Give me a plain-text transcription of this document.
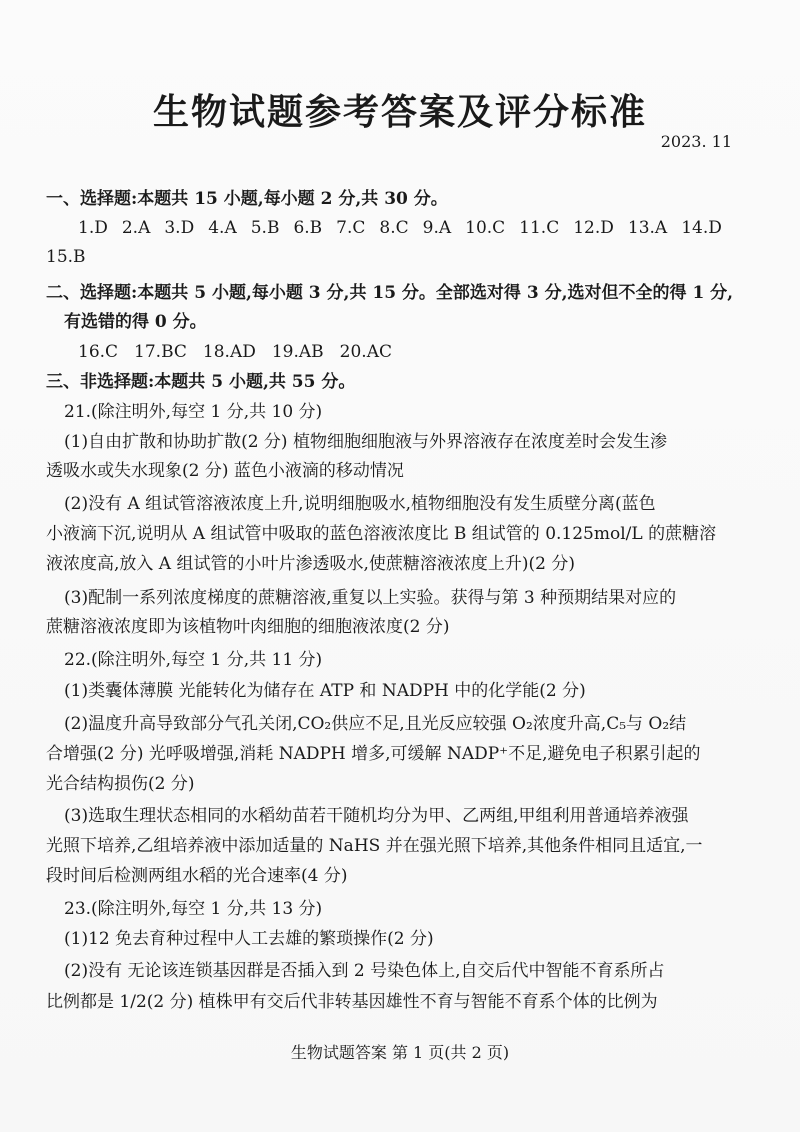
生物试题参考答案及评分标准
2023. 11
一、选择题:本题共 15 小题,每小题 2 分,共 30 分。
1.D 2.A 3.D 4.A 5.B 6.B 7.C 8.C 9.A 10.C 11.C 12.D 13.A 14.D
15.B
二、选择题:本题共 5 小题,每小题 3 分,共 15 分。全部选对得 3 分,选对但不全的得 1 分,
有选错的得 0 分。
16.C 17.BC 18.AD 19.AB 20.AC
三、非选择题:本题共 5 小题,共 55 分。
21.(除注明外,每空 1 分,共 10 分)
(1)自由扩散和协助扩散(2 分) 植物细胞细胞液与外界溶液存在浓度差时会发生渗
透吸水或失水现象(2 分) 蓝色小液滴的移动情况
(2)没有 A 组试管溶液浓度上升,说明细胞吸水,植物细胞没有发生质壁分离(蓝色
小液滴下沉,说明从 A 组试管中吸取的蓝色溶液浓度比 B 组试管的 0.125mol/L 的蔗糖溶
液浓度高,放入 A 组试管的小叶片渗透吸水,使蔗糖溶液浓度上升)(2 分)
(3)配制一系列浓度梯度的蔗糖溶液,重复以上实验。获得与第 3 种预期结果对应的
蔗糖溶液浓度即为该植物叶肉细胞的细胞液浓度(2 分)
22.(除注明外,每空 1 分,共 11 分)
(1)类囊体薄膜 光能转化为储存在 ATP 和 NADPH 中的化学能(2 分)
(2)温度升高导致部分气孔关闭,CO₂供应不足,且光反应较强 O₂浓度升高,C₅与 O₂结
合增强(2 分) 光呼吸增强,消耗 NADPH 增多,可缓解 NADP⁺不足,避免电子积累引起的
光合结构损伤(2 分)
(3)选取生理状态相同的水稻幼苗若干随机均分为甲、乙两组,甲组利用普通培养液强
光照下培养,乙组培养液中添加适量的 NaHS 并在强光照下培养,其他条件相同且适宜,一
段时间后检测两组水稻的光合速率(4 分)
23.(除注明外,每空 1 分,共 13 分)
(1)12 免去育种过程中人工去雄的繁琐操作(2 分)
(2)没有 无论该连锁基因群是否插入到 2 号染色体上,自交后代中智能不育系所占
比例都是 1/2(2 分) 植株甲有交后代非转基因雄性不育与智能不育系个体的比例为
生物试题答案 第 1 页(共 2 页)
